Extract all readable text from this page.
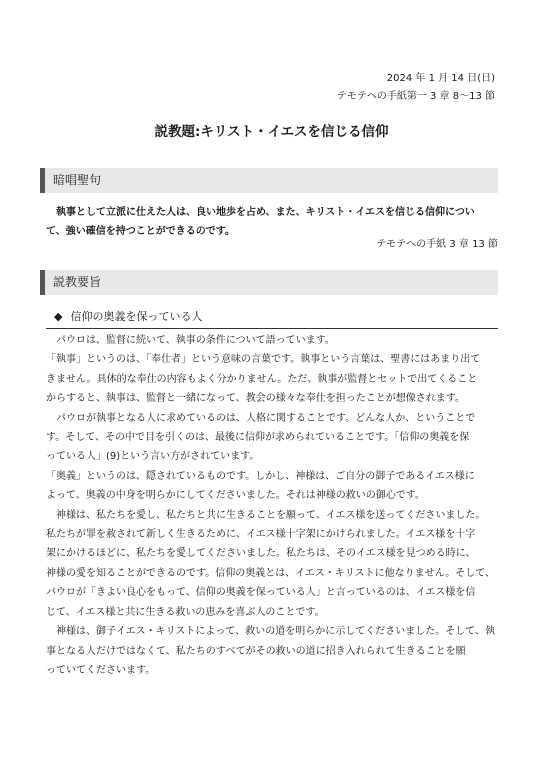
2024 年 1 月 14 日(日)
テモテへの手紙第一 3 章 8～13 節
説教題:キリスト・イエスを信じる信仰
暗唱聖句
　執事として立派に仕えた人は、良い地歩を占め、また、キリスト・イエスを信じる信仰につい
て、強い確信を持つことができるのです。
テモテへの手紙 3 章 13 節
説教要旨
◆ 信仰の奥義を保っている人
　パウロは、監督に続いて、執事の条件について語っています。
「執事」というのは、「奉仕者」という意味の言葉です。執事という言葉は、聖書にはあまり出て
きません。具体的な奉仕の内容もよく分かりません。ただ、執事が監督とセットで出てくること
からすると、執事は、監督と一緒になって、教会の様々な奉仕を担ったことが想像されます。
　パウロが執事となる人に求めているのは、人格に関することです。どんな人か、ということで
す。そして、その中で目を引くのは、最後に信仰が求められていることです。「信仰の奥義を保
っている人」(9)という言い方がされています。
「奥義」というのは、隠されているものです。しかし、神様は、ご自分の御子であるイエス様に
よって、奥義の中身を明らかにしてくださいました。それは神様の救いの御心です。
　神様は、私たちを愛し、私たちと共に生きることを願って、イエス様を送ってくださいました。
私たちが罪を赦されて新しく生きるために、イエス様十字架にかけられました。イエス様を十字
架にかけるほどに、私たちを愛してくださいました。私たちは、そのイエス様を見つめる時に、
神様の愛を知ることができるのです。信仰の奥義とは、イエス・キリストに他なりません。そして、
パウロが「きよい良心をもって、信仰の奥義を保っている人」と言っているのは、イエス様を信
じて、イエス様と共に生きる救いの恵みを喜ぶ人のことです。
　神様は、御子イエス・キリストによって、救いの道を明らかに示してくださいました。そして、執
事となる人だけではなくて、私たちのすべてがその救いの道に招き入れられて生きることを願
っていてくださいます。
